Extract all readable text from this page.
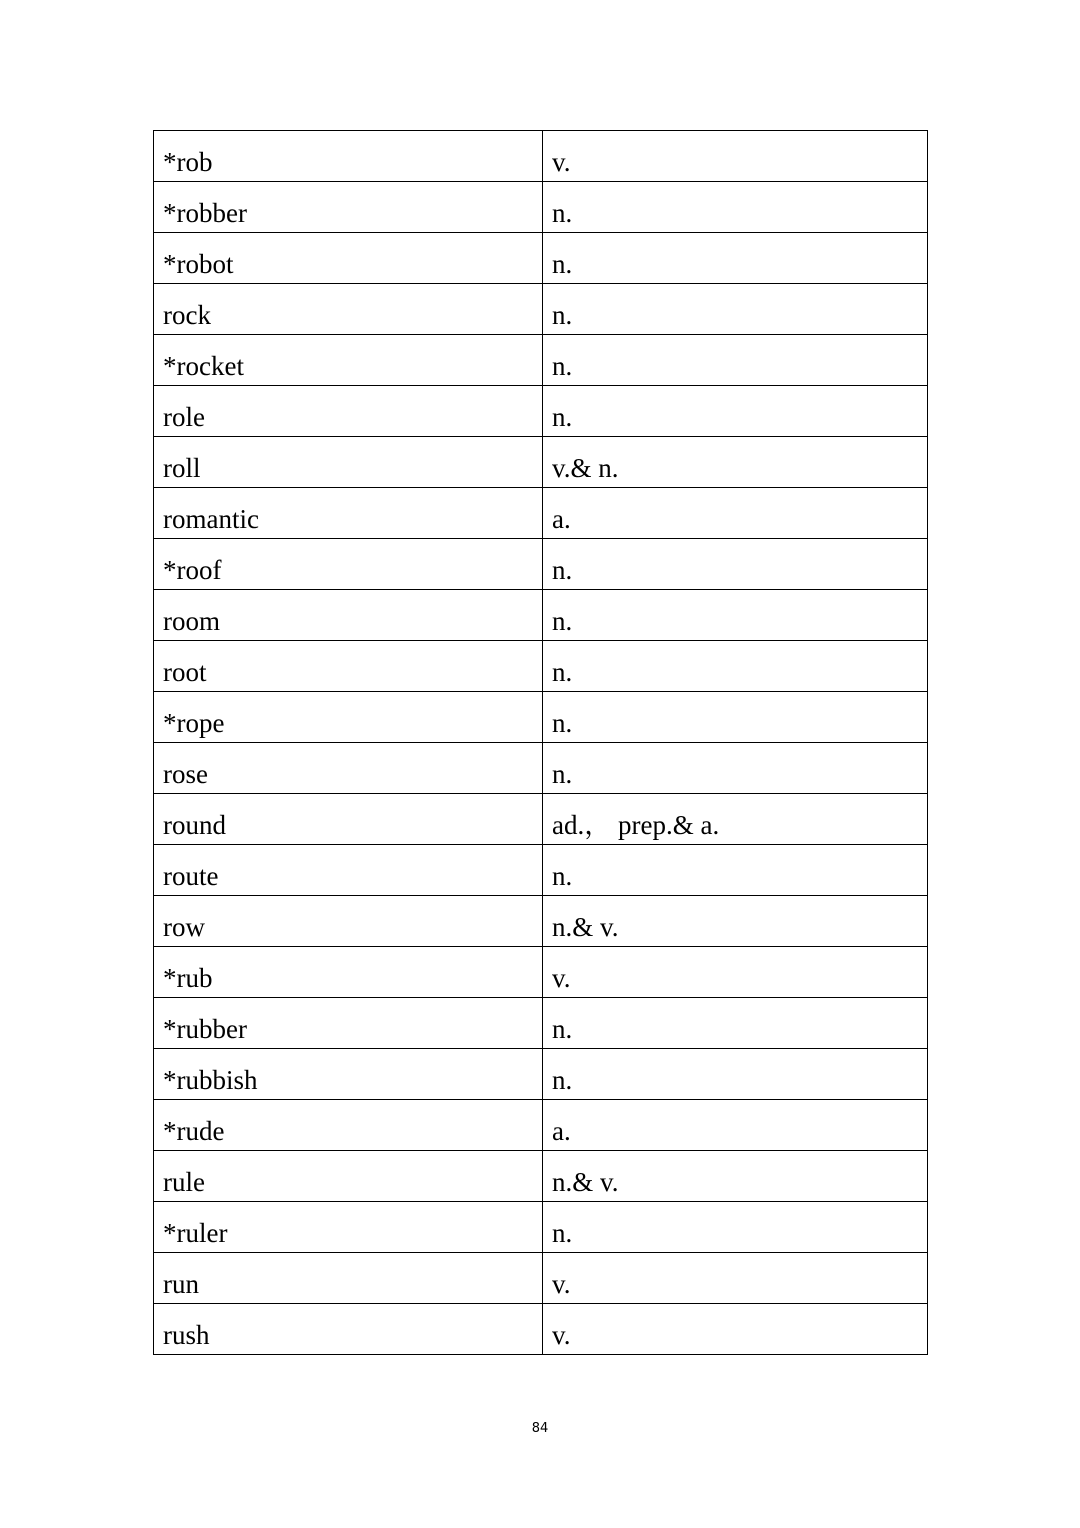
*rob	v.
*robber	n.
*robot	n.
rock	n.
*rocket	n.
role	n.
roll	v.& n.
romantic	a.
*roof	n.
room	n.
root	n.
*rope	n.
rose	n.
round	ad.， prep.& a.
route	n.
row	n.& v.
*rub	v.
*rubber	n.
*rubbish	n.
*rude	a.
rule	n.& v.
*ruler	n.
run	v.
rush	v.
84
